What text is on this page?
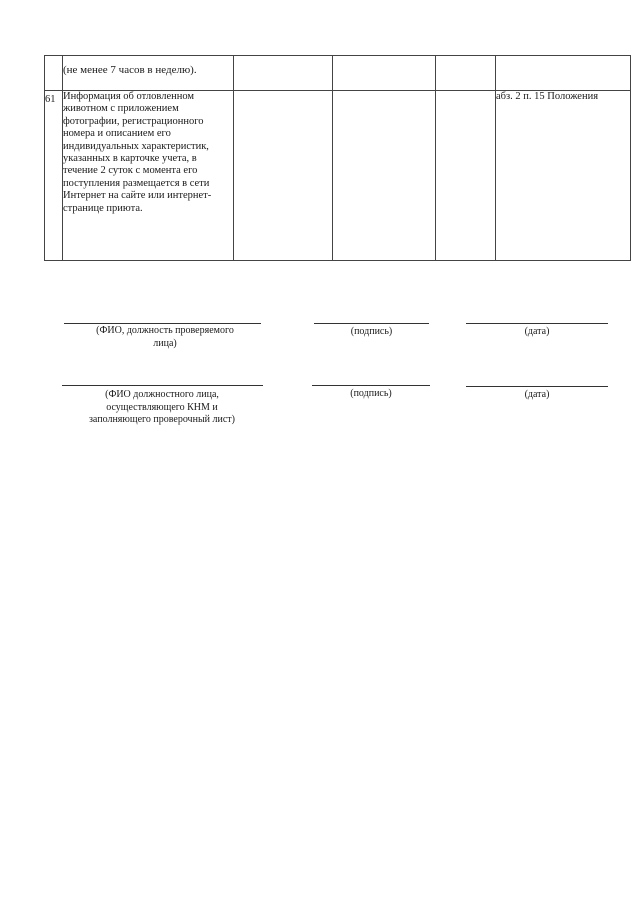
	(не менее 7 часов в неделю).				
61	Информация об отловленном животном с приложением фотографии, регистрационного номера и описанием его индивидуальных характеристик, указанных в карточке учета, в течение 2 суток с момента его поступления размещается в сети Интернет на сайте или интернет-странице приюта.				абз. 2 п. 15 Положения
(ФИО, должность проверяемого лица)
(подпись)	(дата)
(ФИО должностного лица, осуществляющего КНМ и заполняющего проверочный лист)
(подпись)	(дата)
